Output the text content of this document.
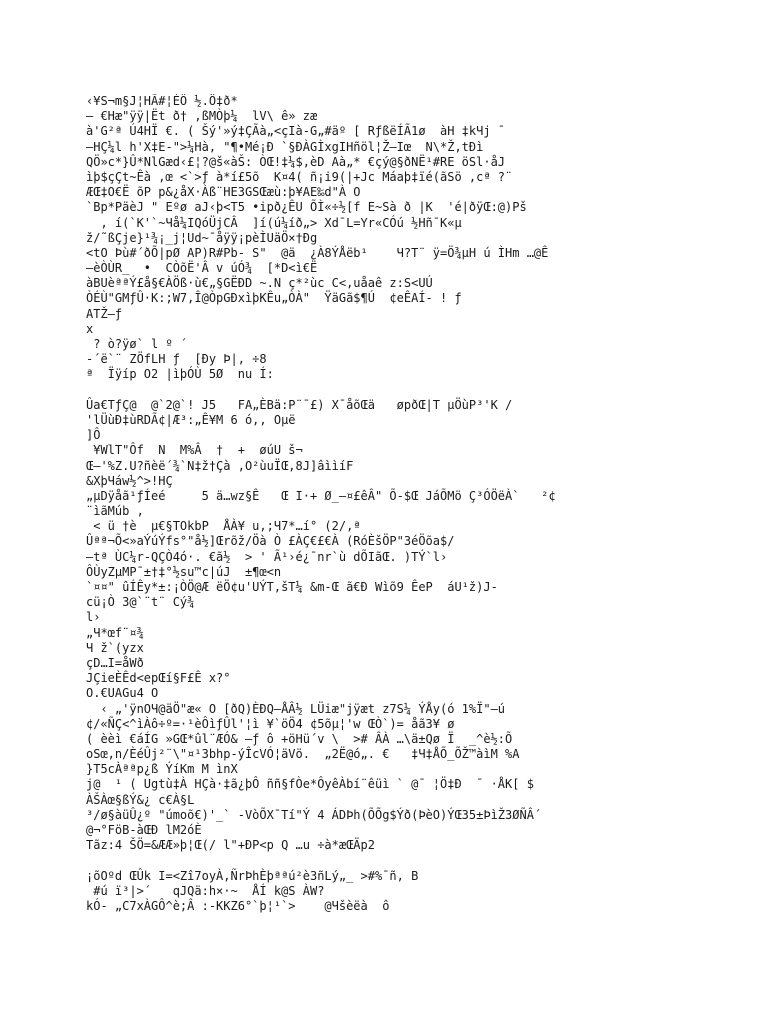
‹¥S¬m§J¦HÃ#¦ÈÖ ½.Ö‡ð*
— €Hæ"ÿÿ|Ët ð† ,ßMÒþ¼  lV\ ê» zæ
à'G²ª Ú4ΗÏ €. ( Šý'»ý‡ÇÃà„<çIà-G„#äº [ RƒßëÍÃ1ø  àH ‡kЧj ¯
–ΗÇ¼l h'X‡E-">¼Hà, "¶•Mé¡Ð `§ÐÀGÌxgIΗñöl¦Ž–Iœ  N\*Ž,tÐì
QÖ»c*}Û*NlGæd‹£¦?@š«àŠ: ÒŒ!‡¼$,èD Aà„* €çý@§ðNË¹#RE öSl·åJ
ìþ$çÇt~Êà ,œ <`>ƒ à*í£5õ  K¤4( ñ¡i9(|+Jc Máaþ‡ïé(ãSö ,cª ?¨
ÆŒ‡O€Ë õP p&¿åX·Àß¨HE3GSŒæù:þ¥AE‰d"À O
`Bp*PäèJ " Eºø aJ‹þ<T5 •ipð¿ÊU ÕÌ«÷½[f E~Sà ð |K  'é|ðÿŒ:@)Pš
, í(`K'`~Чå¼IQóÜjCÂ  ]í(ú¼íð„> Xd¯L=Yr«CÓú ½Hñ¯K«µ
ž/˜ßÇje}¹¾¡_j¦Ud~¯åÿÿ¡pèÌUäÖ×†Ðg
<tO Þù#´ðÕ|pØ AP)R#Pb- S"  @ä  ¿À8ÝÅëb¹    Ч?T¨ ÿ=Ö¾µH ú ÌHm …@Ê
–èÒÙR_  •  CÒõË'Â v úÓ¾  [*D<ì€Ë
àBUèªªÝ£å§€ÀÖß·ù€„§GËÐD ~.N ç*²ùc C<,uåaê z:S<UÚ
ÒÉÙ"GMƒÛ·K:;W7,Î@ÒpGÐxìþKÊu„ÒÀ"  ŸäGã$¶Ú  ¢eÊAÍ- ! ƒ
ATŽ–ƒ
x
? ò?ÿø` l º ´
-´ë`¨ ZÖfLΗ ƒ  [Ðy Þ|, ÷8
ª  Ïÿíp O2 |ìþÓÙ 5Ø  nu Í:
Ûa€TƒÇ@  @`2@`! J5   FA„ÈBä:P¨¯£) X¯åõŒä   øpðŒ|T µÖùP³'K /
'lÜùÐ‡ùRDÃ¢|Æ³:„Ê¥M 6 ó,, Oµë
]Ô
¥WlT"Ôf  N  M%Â  †  +  øúU š¬
Œ–'%Z.U?ñèë´¾`N‡ž†Çà ,O²ùuÏŒ,8J]âììíF
&XþЧáw½^>!ΗÇ
„µDÿåã¹ƒÍeé     5 ä…wz§Ê   Œ I·+ Ø_–¤£êÂ" Õ-$Œ JáÕMö Ç³ÓÖëÀ`   ²¢
¨ìãMúb ,
< ü †è  µ€§TOkbP  ÅÀ¥ u,;Ч7*…í° (2/,ª
Ûªª¬Õ<»aÝúÝfs°"å½]Œrõž/Öà Ò £ÀÇ€£€À (RóÈšÖP"3éÖõa$/
—tª ÙC¼r-QÇÒ4ó·. €ã½  > ' Ã¹›é¿¯nr`ù dÕIãŒ. )TÝ`l›
ÔÙyZµMP¯±†‡°½su™c|úJ  ±¶œ<n
`¤¤" ûÍÊy*±:¡ÒÖ@Æ ëÖ¢u'UÝT,šT¼ &m-Œ ã€Ð Wìõ9 ÊeP  áU¹ž)J-
cü¡Ò 3@`¨t¨ Cý¾
l›
„Ч*œf¨¤¾
Ч ž`(yzx
çD…I=åWð
JÇieÈÊd<epŒí§F£Ê x?°
O.€UAGu4 O
‹ „'ÿnOЧ@äÖ"æ« O [ðQ)ÈÐQ–ÅÂ½ LÜiæ"jÿæt z7S¼ ÝÅy(ó 1%Ï"–ú
¢/«ÑÇ<^ìÀô÷º=·¹èÔìƒÛl'¦ì ¥`öÖ4 ¢5õµ¦'w ŒÒ`)= åã3¥ ø
( èèì €áÍG »GŒ*ûl¨ÆÓ& –ƒ ô +öΗü´v \  ># ÂÀ …\ä±Qø Ï  _^è½:Õ
oSœ,n/ÈéÛj²¨\"¤¹3bhp-ýÎcVÓ¦äVö.  „2Ë@ó„. €   ‡Ч‡ÅÕ_ÕŽ™àìM %A
}T5cÀªªp¿ß ÝíKm M ìnX
j@  ¹ ( Ugtù‡À ΗÇà·‡ã¿þÔ ññ§fÒe*ÔyêÀbí¨êüì ` @¯ ¦Ö‡Ð  ¯ ·ÅK[ $
ÀŠÀœ§ßÝ&¿ c€À§L
³/ø§àüÛ¿º "úmoõ€)'_` -VòÕX¯Tí"Ý 4 ÁDÞh(ÕÕg$Ýð(ÞèO)ÝŒ35±ÞìŽ3ØÑÂ´
@¬°FöB-àŒÐ lM2óÈ
Tãz:4 ŠÖ=&ÆÆ»þ¦Œ(/ l"+ÐP<p Q …u ÷à*æŒÄp2
¡õOºd ŒÛk I=<Zî7oyÀ,ÑrÞhÈþªªú²è3ñLý„_ >#%¯ñ, B
#ú ï³|>´   qJQä:h×·~  ÅÍ k@S ÀW?
kÓ- „C7xÀGÔ^è;Â :-KKZ6°`þ¦¹`>    @Чšèëà  ô
